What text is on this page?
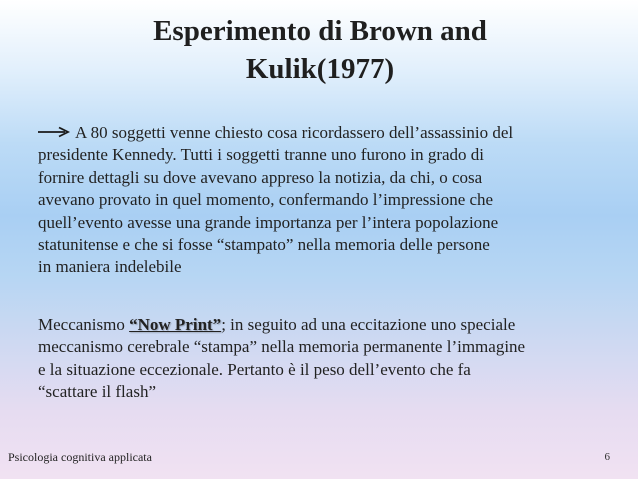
Esperimento di Brown and
Kulik(1977)
A 80 soggetti venne chiesto cosa ricordassero dell’assassinio del
presidente Kennedy. Tutti i soggetti tranne uno furono in grado di
fornire dettagli su dove avevano appreso la notizia, da chi, o cosa
avevano provato in quel momento, confermando l’impressione che
quell’evento avesse una grande importanza per l’intera popolazione
statunitense e che si fosse “stampato” nella memoria delle persone
in maniera indelebile
Meccanismo “Now Print”; in seguito ad una eccitazione uno speciale
meccanismo cerebrale “stampa” nella memoria permanente l’immagine
e la situazione eccezionale. Pertanto è il peso dell’evento che fa
“scattare il flash”
Psicologia cognitiva applicata	6
